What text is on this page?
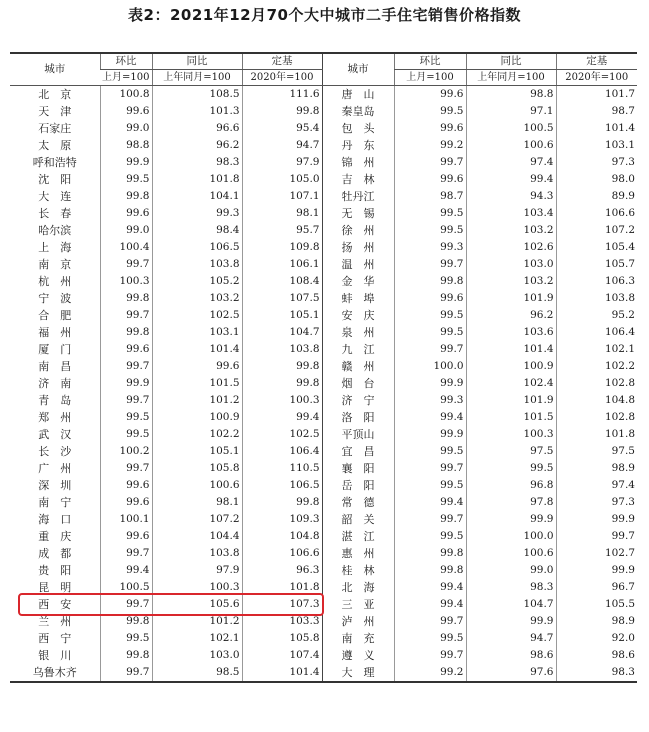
表2：2021年12月70个大中城市二手住宅销售价格指数
城市	环比	同比	定基	城市	环比	同比	定基
	上月=100	上年同月=100	2020年=100		上月=100	上年同月=100	2020年=100
北　京	100.8	108.5	111.6	唐　山	99.6	98.8	101.7
天　津	99.6	101.3	99.8	秦皇岛	99.5	97.1	98.7
石家庄	99.0	96.6	95.4	包　头	99.6	100.5	101.4
太　原	98.8	96.2	94.7	丹　东	99.2	100.6	103.1
呼和浩特	99.9	98.3	97.9	锦　州	99.7	97.4	97.3
沈　阳	99.5	101.8	105.0	吉　林	99.6	99.4	98.0
大　连	99.8	104.1	107.1	牡丹江	98.7	94.3	89.9
长　春	99.6	99.3	98.1	无　锡	99.5	103.4	106.6
哈尔滨	99.0	98.4	95.7	徐　州	99.5	103.2	107.2
上　海	100.4	106.5	109.8	扬　州	99.3	102.6	105.4
南　京	99.7	103.8	106.1	温　州	99.7	103.0	105.7
杭　州	100.3	105.2	108.4	金　华	99.8	103.2	106.3
宁　波	99.8	103.2	107.5	蚌　埠	99.6	101.9	103.8
合　肥	99.7	102.5	105.1	安　庆	99.5	96.2	95.2
福　州	99.8	103.1	104.7	泉　州	99.5	103.6	106.4
厦　门	99.6	101.4	103.8	九　江	99.7	101.4	102.1
南　昌	99.7	99.6	99.8	赣　州	100.0	100.9	102.2
济　南	99.9	101.5	99.8	烟　台	99.9	102.4	102.8
青　岛	99.7	101.2	100.3	济　宁	99.3	101.9	104.8
郑　州	99.5	100.9	99.4	洛　阳	99.4	101.5	102.8
武　汉	99.5	102.2	102.5	平顶山	99.9	100.3	101.8
长　沙	100.2	105.1	106.4	宜　昌	99.5	97.5	97.5
广　州	99.7	105.8	110.5	襄　阳	99.7	99.5	98.9
深　圳	99.6	100.6	106.5	岳　阳	99.5	96.8	97.4
南　宁	99.6	98.1	99.8	常　德	99.4	97.8	97.3
海　口	100.1	107.2	109.3	韶　关	99.7	99.9	99.9
重　庆	99.6	104.4	104.8	湛　江	99.5	100.0	99.7
成　都	99.7	103.8	106.6	惠　州	99.8	100.6	102.7
贵　阳	99.4	97.9	96.3	桂　林	99.8	99.0	99.9
昆　明	100.5	100.3	101.8	北　海	99.4	98.3	96.7
西　安	99.7	105.6	107.3	三　亚	99.4	104.7	105.5
兰　州	99.8	101.2	103.3	泸　州	99.7	99.9	98.9
西　宁	99.5	102.1	105.8	南　充	99.5	94.7	92.0
银　川	99.8	103.0	107.4	遵　义	99.7	98.6	98.6
乌鲁木齐	99.7	98.5	101.4	大　理	99.2	97.6	98.3
